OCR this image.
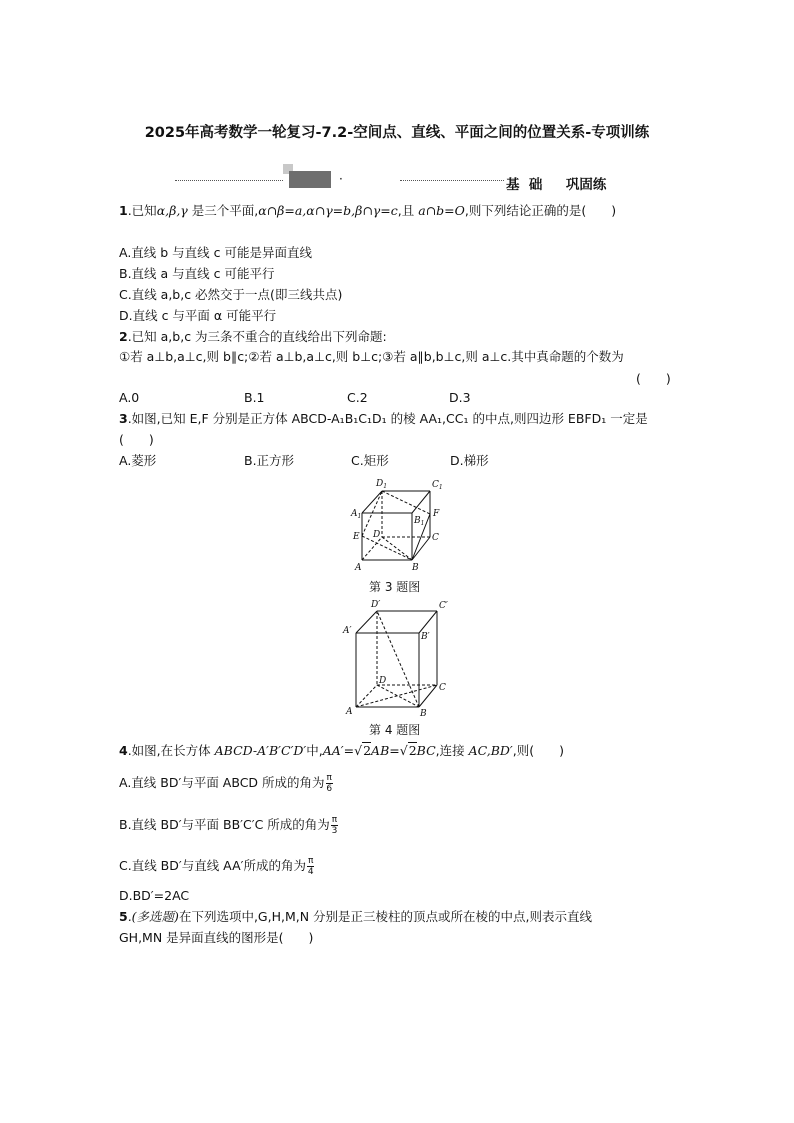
2025年高考数学一轮复习-7.2-空间点、直线、平面之间的位置关系-专项训练
·	基  础     巩固练
1.已知α,β,γ 是三个平面,α∩β=a,α∩γ=b,β∩γ=c,且 a∩b=O,则下列结论正确的是(　　)
A.直线 b 与直线 c 可能是异面直线
B.直线 a 与直线 c 可能平行
C.直线 a,b,c 必然交于一点(即三线共点)
D.直线 c 与平面 α 可能平行
2.已知 a,b,c 为三条不重合的直线给出下列命题:
①若 a⊥b,a⊥c,则 b∥c;②若 a⊥b,a⊥c,则 b⊥c;③若 a∥b,b⊥c,则 a⊥c.其中真命题的个数为
(　　)
A.0	B.1	C.2	D.3
3.如图,已知 E,F 分别是正方体 ABCD-A₁B₁C₁D₁ 的棱 AA₁,CC₁ 的中点,则四边形 EBFD₁ 一定是
(　　)
A.菱形	B.正方形	C.矩形	D.梯形
$D_1$	$C_1$
$A_1$	$B_1$
F
E D	C
A	B
第 3 题图
D′	C′
A′
B′
D
C
A	B
第 4 题图
4.如图,在长方体 ABCD-A′B′C′D′中,AA′=√2AB=√2BC,连接 AC,BD′,则(　　)
A.直线 BD′与平面 ABCD 所成的角为 $\frac{\pi}{6}$
B.直线 BD′与平面 BB′C′C 所成的角为 $\frac{\pi}{3}$
C.直线 BD′与直线 AA′所成的角为 $\frac{\pi}{4}$
D.BD′=2AC
5.(多选题)在下列选项中,G,H,M,N 分别是正三棱柱的顶点或所在棱的中点,则表示直线
GH,MN 是异面直线的图形是(　　)
